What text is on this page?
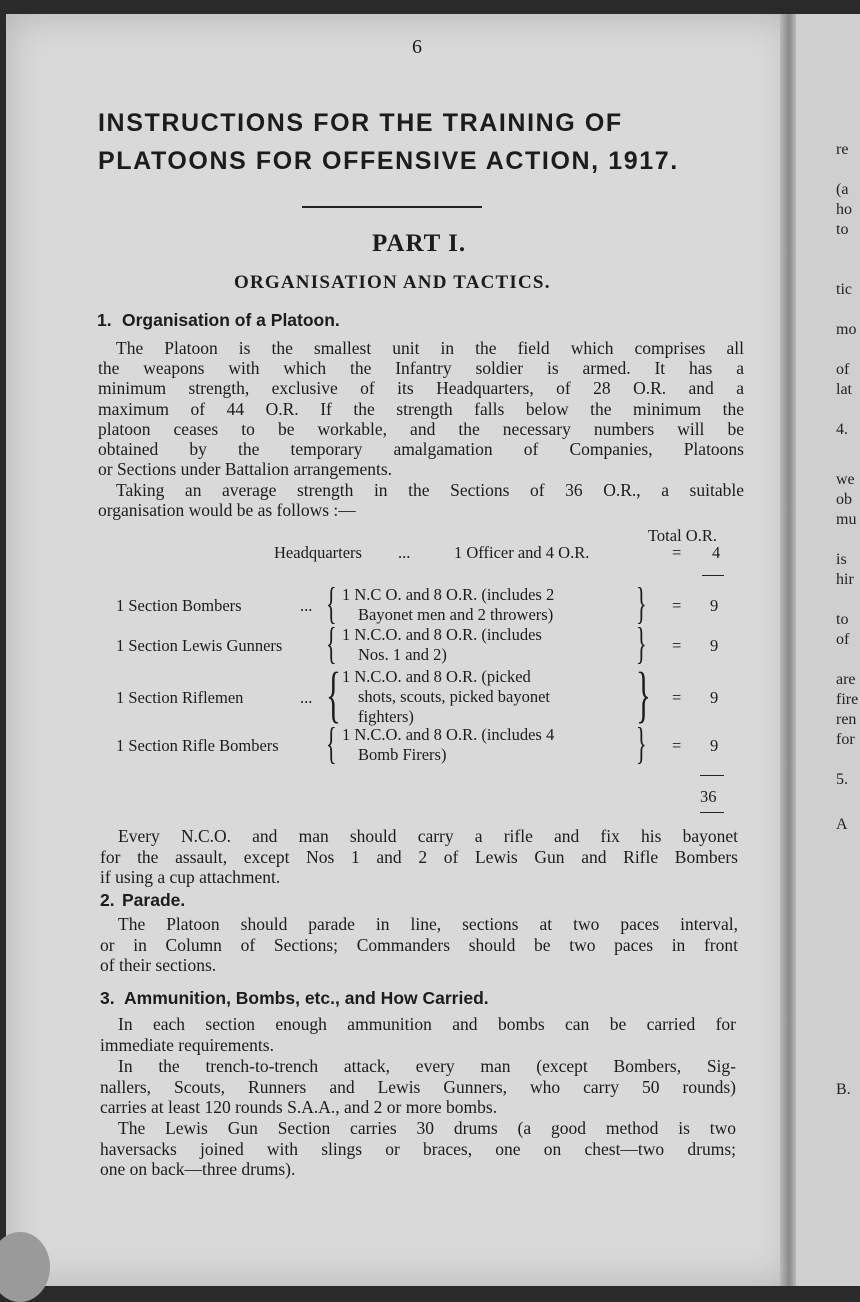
6
INSTRUCTIONS FOR THE TRAINING OF
PLATOONS FOR OFFENSIVE ACTION, 1917.
PART I.
ORGANISATION AND TACTICS.
1. Organisation of a Platoon.
The Platoon is the smallest unit in the field which comprises all
the weapons with which the Infantry soldier is armed. It has a
minimum strength, exclusive of its Headquarters, of 28 O.R. and a
maximum of 44 O.R. If the strength falls below the minimum the
platoon ceases to be workable, and the necessary numbers will be
obtained by the temporary amalgamation of Companies, Platoons
or Sections under Battalion arrangements.
Taking an average strength in the Sections of 36 O.R., a suitable
organisation would be as follows :—
Total O.R.
Headquarters ...	1 Officer and 4 O.R.	= 4
1 Section Bombers	... { 1 N.C O. and 8 O.R. (includes 2
Bayonet men and 2 throwers) } = 9
1 Section Lewis Gunners { 1 N.C.O. and 8 O.R. (includes
Nos. 1 and 2)	} = 9
1 Section Riflemen	... { 1 N.C.O. and 8 O.R. (picked
shots, scouts, picked bayonet
fighters)	} = 9
1 Section Rifle Bombers { 1 N.C.O. and 8 O.R. (includes 4
Bomb Firers)	} = 9
36
Every N.C.O. and man should carry a rifle and fix his bayonet
for the assault, except Nos 1 and 2 of Lewis Gun and Rifle Bombers
if using a cup attachment.
2. Parade.
The Platoon should parade in line, sections at two paces interval,
or in Column of Sections; Commanders should be two paces in front
of their sections.
3. Ammunition, Bombs, etc., and How Carried.
In each section enough ammunition and bombs can be carried for
immediate requirements.
In the trench-to-trench attack, every man (except Bombers, Sig-
nallers, Scouts, Runners and Lewis Gunners, who carry 50 rounds)
carries at least 120 rounds S.A.A., and 2 or more bombs.
The Lewis Gun Section carries 30 drums (a good method is two
haversacks joined with slings or braces, one on chest—two drums;
one on back—three drums).
re
(a
ho
to
tic
mo
of
lat
4.
we
ob
mu
is
hir
to
of
are
fire
ren
for
5.
A
B.
